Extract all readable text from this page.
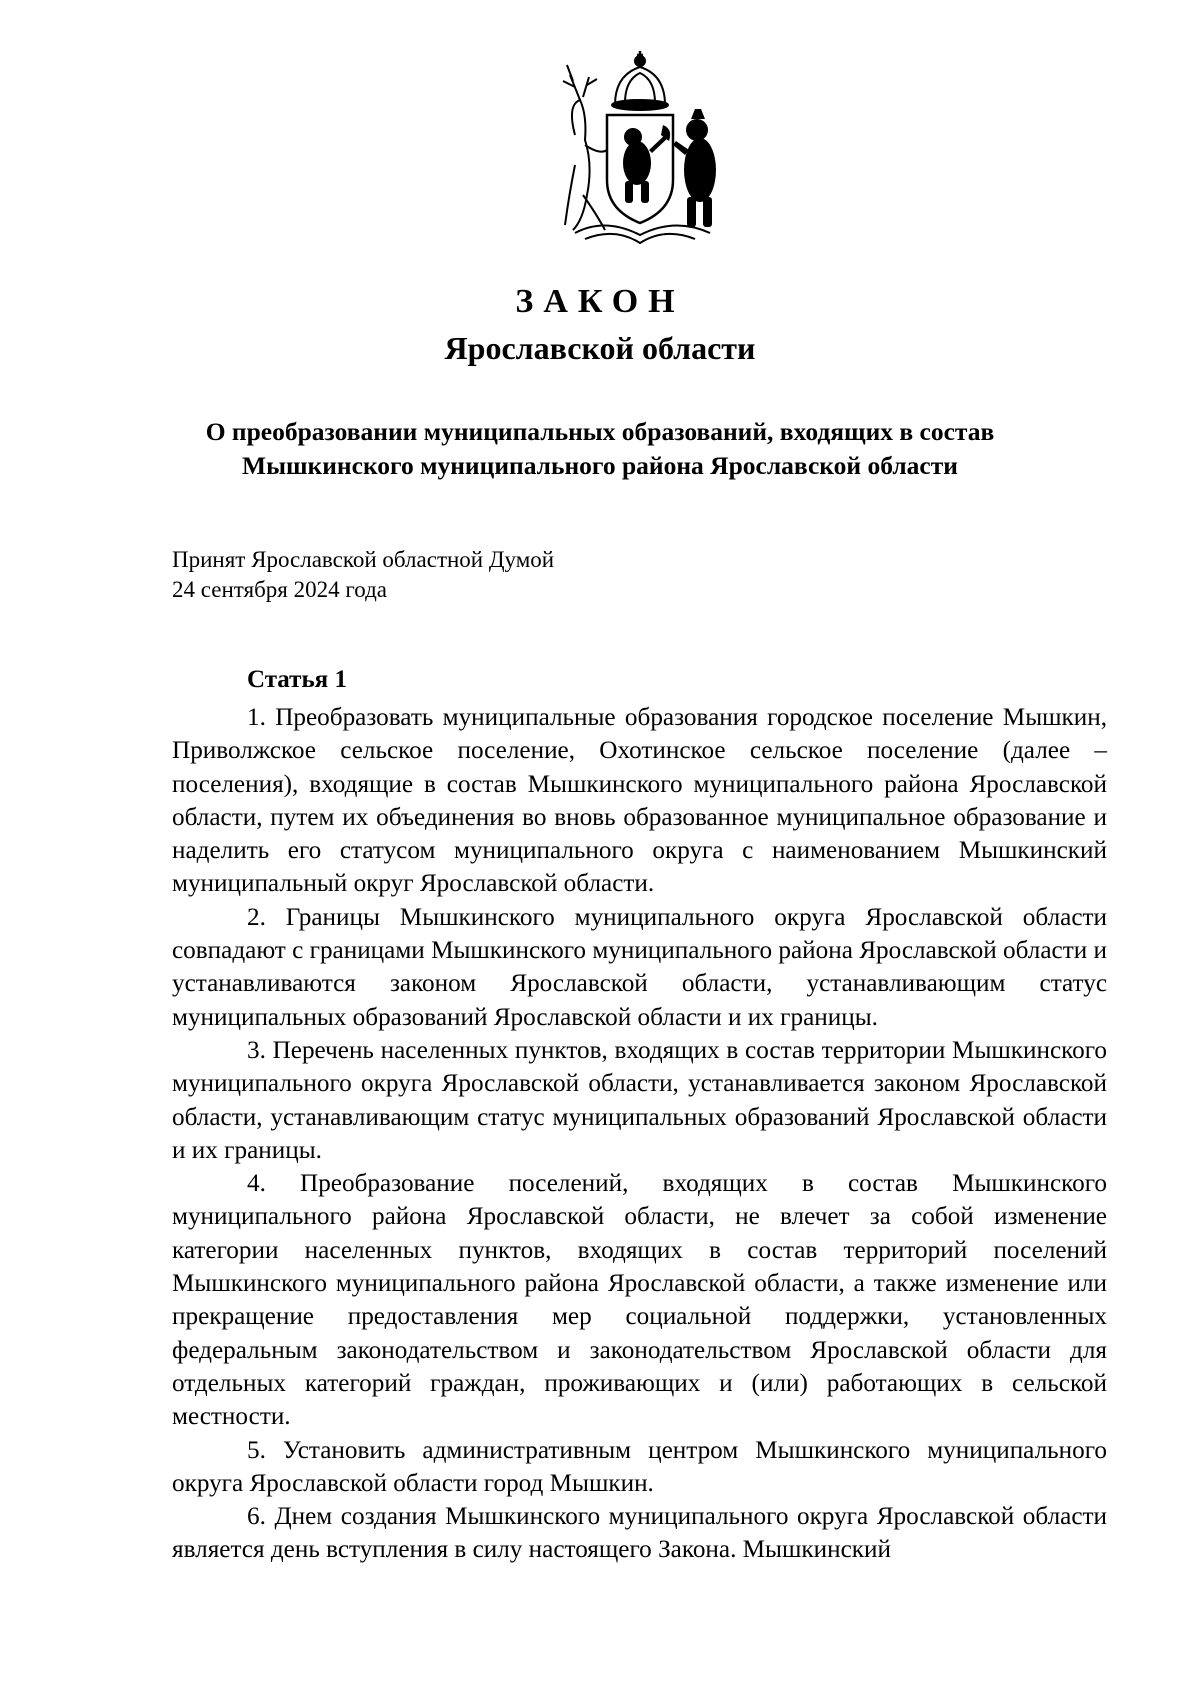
ЗАКОН
Ярославской области
О преобразовании муниципальных образований, входящих в состав
Мышкинского муниципального района Ярославской области
Принят Ярославской областной Думой
24 сентября 2024 года
Статья 1

1. Преобразовать муниципальные образования городское поселение Мышкин, Приволжское сельское поселение, Охотинское сельское поселение (далее – поселения), входящие в состав Мышкинского муниципального района Ярославской области, путем их объединения во вновь образованное муниципальное образование и наделить его статусом муниципального округа с наименованием Мышкинский муниципальный округ Ярославской области.

2. Границы Мышкинского муниципального округа Ярославской области совпадают с границами Мышкинского муниципального района Ярославской области и устанавливаются законом Ярославской области, устанавливающим статус муниципальных образований Ярославской области и их границы.

3. Перечень населенных пунктов, входящих в состав территории Мышкинского муниципального округа Ярославской области, устанавливается законом Ярославской области, устанавливающим статус муниципальных образований Ярославской области и их границы.

4. Преобразование поселений, входящих в состав Мышкинского муниципального района Ярославской области, не влечет за собой изменение категории населенных пунктов, входящих в состав территорий поселений Мышкинского муниципального района Ярославской области, а также изменение или прекращение предоставления мер социальной поддержки, установленных федеральным законодательством и законодательством Ярославской области для отдельных категорий граждан, проживающих и (или) работающих в сельской местности.

5. Установить административным центром Мышкинского муниципального округа Ярославской области город Мышкин.

6. Днем создания Мышкинского муниципального округа Ярославской области является день вступления в силу настоящего Закона. Мышкинский
